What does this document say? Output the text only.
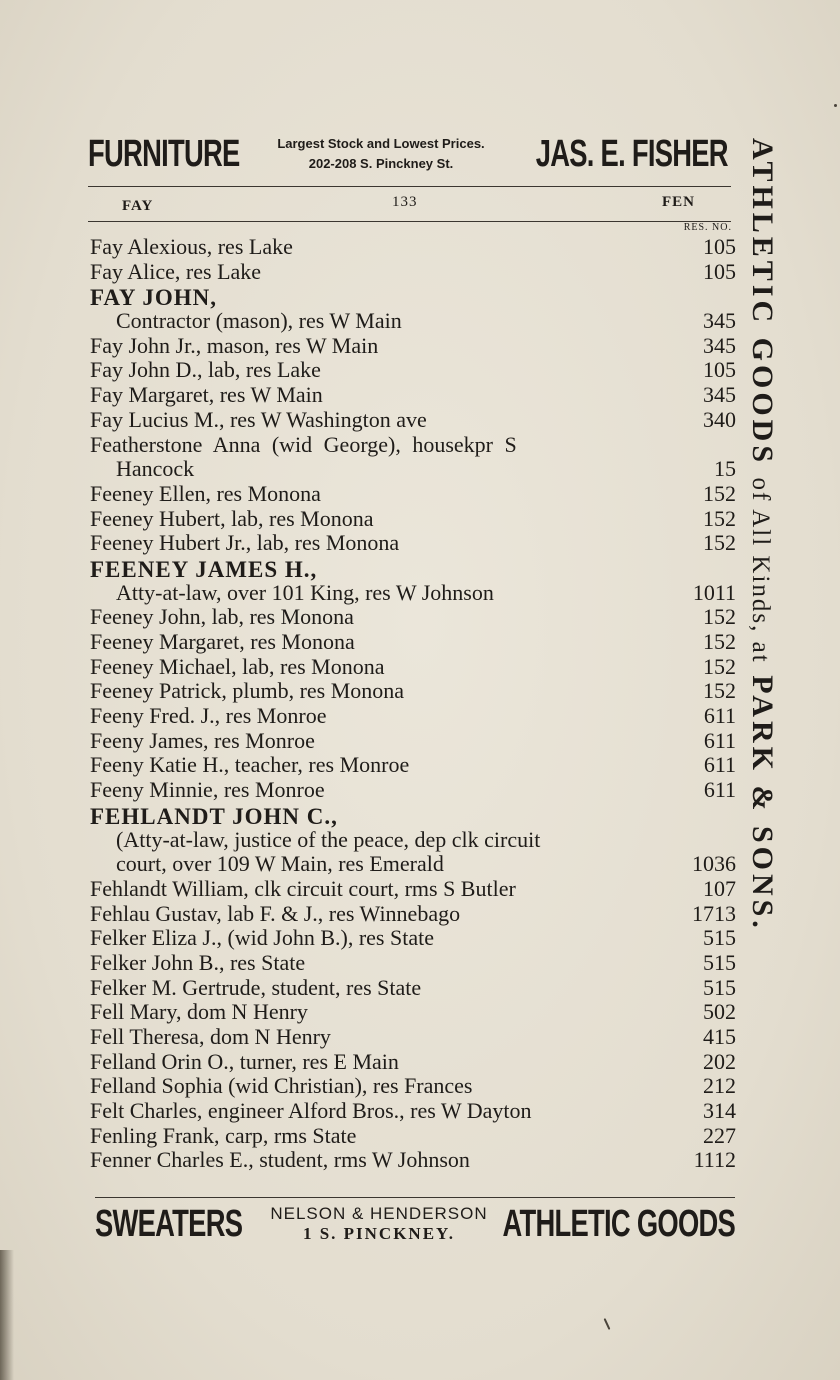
FURNITURE	Largest Stock and Lowest Prices.
202-208 S. Pinckney St.	JAS. E. FISHER
FAY	133	FEN
RES. NO.
Fay Alexious, res Lake	105
Fay Alice, res Lake	105
FAY JOHN,
Contractor (mason), res W Main	345
Fay John Jr., mason, res W Main	345
Fay John D., lab, res Lake	105
Fay Margaret, res W Main	345
Fay Lucius M., res W Washington ave	340
Featherstone Anna (wid George), housekpr S
Hancock	15
Feeney Ellen, res Monona	152
Feeney Hubert, lab, res Monona	152
Feeney Hubert Jr., lab, res Monona	152
FEENEY JAMES H.,
Atty-at-law, over 101 King, res W Johnson	1011
Feeney John, lab, res Monona	152
Feeney Margaret, res Monona	152
Feeney Michael, lab, res Monona	152
Feeney Patrick, plumb, res Monona	152
Feeny Fred. J., res Monroe	611
Feeny James, res Monroe	611
Feeny Katie H., teacher, res Monroe	611
Feeny Minnie, res Monroe	611
FEHLANDT JOHN C.,
(Atty-at-law, justice of the peace, dep clk circuit
court, over 109 W Main, res Emerald	1036
Fehlandt William, clk circuit court, rms S Butler	107
Fehlau Gustav, lab F. & J., res Winnebago	1713
Felker Eliza J., (wid John B.), res State	515
Felker John B., res State	515
Felker M. Gertrude, student, res State	515
Fell Mary, dom N Henry	502
Fell Theresa, dom N Henry	415
Felland Orin O., turner, res E Main	202
Felland Sophia (wid Christian), res Frances	212
Felt Charles, engineer Alford Bros., res W Dayton	314
Fenling Frank, carp, rms State	227
Fenner Charles E., student, rms W Johnson	1112
SWEATERS	NELSON & HENDERSON
1 S. PINCKNEY.	ATHLETIC GOODS
ATHLETIC GOODS of All Kinds, at PARK & SONS.
